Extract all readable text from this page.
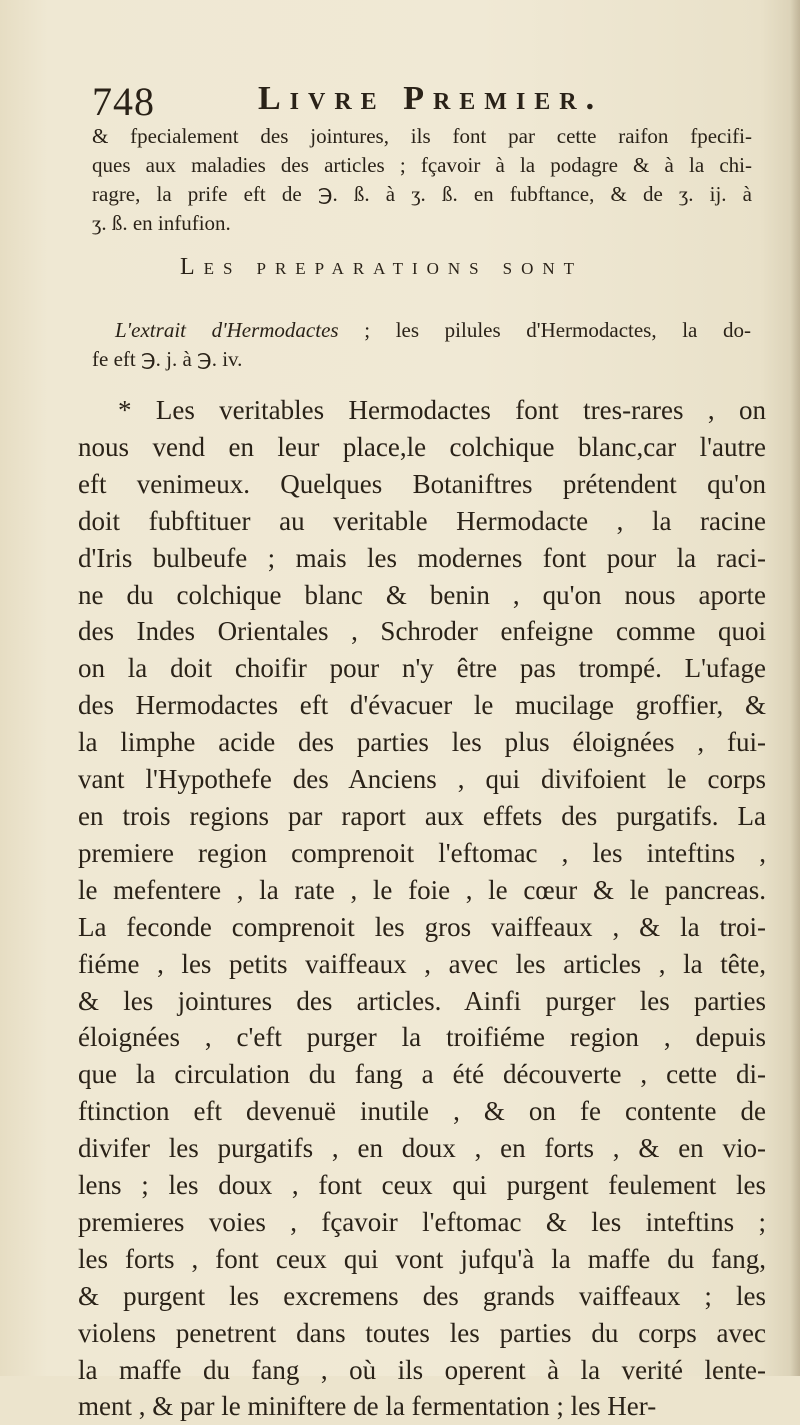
748	Livre Premier.
& fpecialement des jointures, ils font par cette raifon fpecifi-
ques aux maladies des articles ; fçavoir à la podagre & à la chi-
ragre, la prife eft de ℈. ß. à ʒ. ß. en fubftance, & de ʒ. ij. à
ʒ. ß. en infufion.
Les preparations sont
L'extrait d'Hermodactes ; les pilules d'Hermodactes, la do-
fe eft ℈. j. à ℈. iv.
* Les veritables Hermodactes font tres-rares , on
nous vend en leur place,le colchique blanc,car l'autre
eft venimeux. Quelques Botaniftres prétendent qu'on
doit fubftituer au veritable Hermodacte , la racine
d'Iris bulbeufe ; mais les modernes font pour la raci-
ne du colchique blanc & benin , qu'on nous aporte
des Indes Orientales , Schroder enfeigne comme quoi
on la doit choifir pour n'y être pas trompé. L'ufage
des Hermodactes eft d'évacuer le mucilage groffier, &
la limphe acide des parties les plus éloignées , fui-
vant l'Hypothefe des Anciens , qui divifoient le corps
en trois regions par raport aux effets des purgatifs. La
premiere region comprenoit l'eftomac , les inteftins ,
le mefentere , la rate , le foie , le cœur & le pancreas.
La feconde comprenoit les gros vaiffeaux , & la troi-
fiéme , les petits vaiffeaux , avec les articles , la tête,
& les jointures des articles. Ainfi purger les parties
éloignées , c'eft purger la troifiéme region , depuis
que la circulation du fang a été découverte , cette di-
ftinction eft devenuë inutile , & on fe contente de
divifer les purgatifs , en doux , en forts , & en vio-
lens ; les doux , font ceux qui purgent feulement les
premieres voies , fçavoir l'eftomac & les inteftins ;
les forts , font ceux qui vont jufqu'à la maffe du fang,
& purgent les excremens des grands vaiffeaux ; les
violens penetrent dans toutes les parties du corps avec
la maffe du fang , où ils operent à la verité lente-
ment , & par le miniftere de la fermentation ; les Her-
